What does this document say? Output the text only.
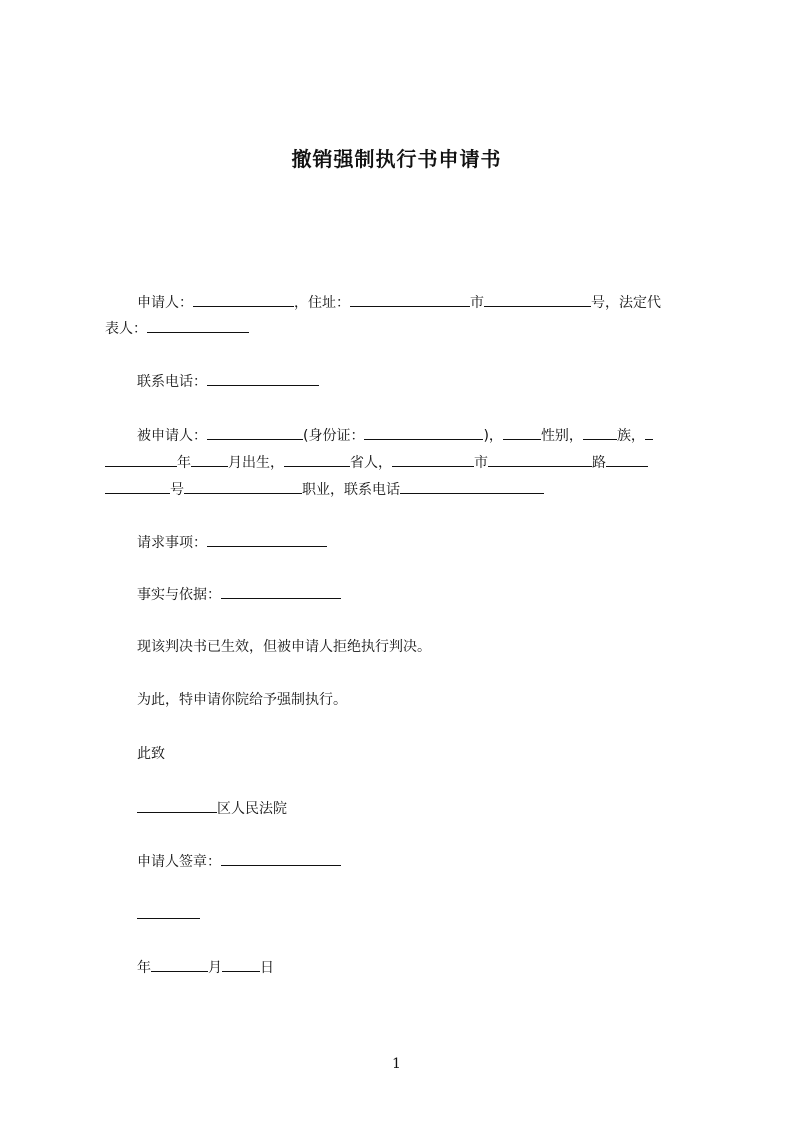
撤销强制执行书申请书
申请人：	，住址：	市	号，法定代
表人：
联系电话：
被申请人：	(身份证：	)，	性别， 族，
年	月出生，	省人，	市	路
号	职业，联系电话
请求事项：
事实与依据：
现该判决书已生效，但被申请人拒绝执行判决。
为此，特申请你院给予强制执行。
此致
区人民法院
申请人签章：
年	月	日
1
